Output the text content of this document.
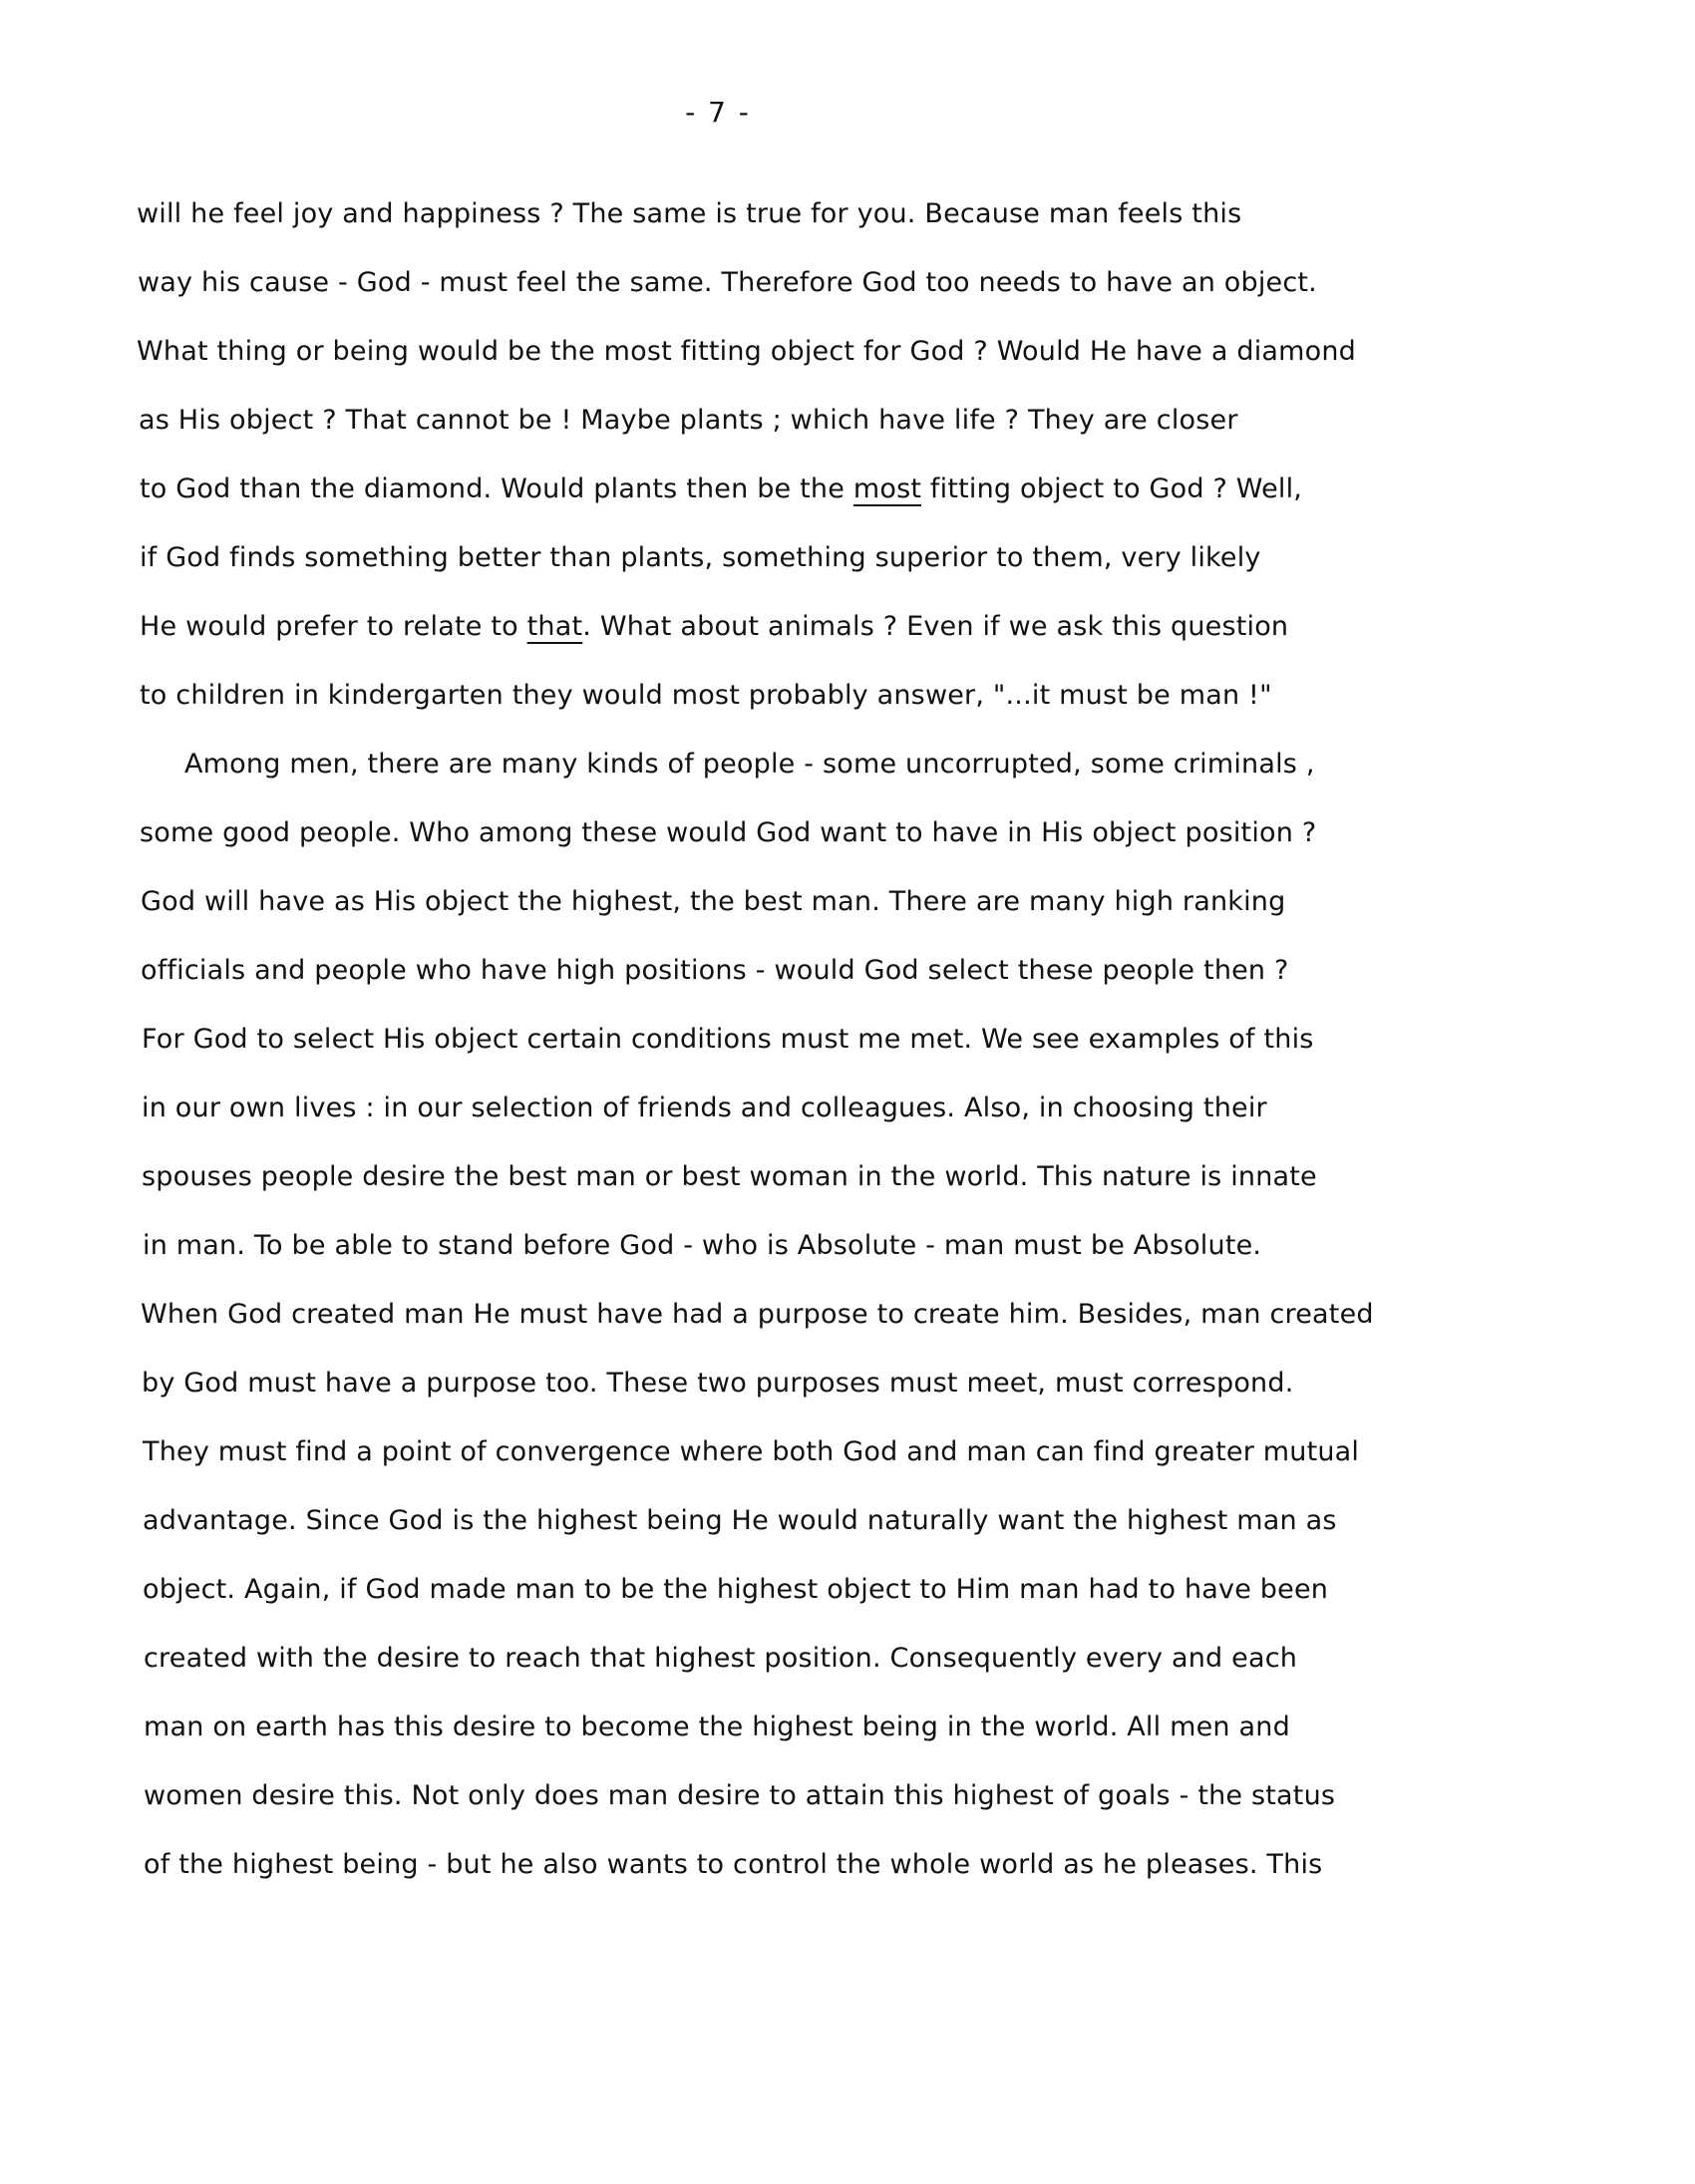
- 7 -
will he feel joy and happiness ? The same is true for you. Because man feels this
way his cause - God - must feel the same. Therefore God too needs to have an object.
What thing or being would be the most fitting object for God ? Would He have a diamond
as His object ? That cannot be ! Maybe plants ; which have life ? They are closer
to God than the diamond. Would plants then be the most fitting object to God ? Well,
if God finds something better than plants, something superior to them, very likely
He would prefer to relate to that. What about animals ? Even if we ask this question
to children in kindergarten they would most probably answer, "...it must be man !"
Among men, there are many kinds of people - some uncorrupted, some criminals ,
some good people. Who among these would God want to have in His object position ?
God will have as His object the highest, the best man. There are many high ranking
officials and people who have high positions - would God select these people then ?
For God to select His object certain conditions must me met. We see examples of this
in our own lives : in our selection of friends and colleagues. Also, in choosing their
spouses people desire the best man or best woman in the world. This nature is innate
in man. To be able to stand before God - who is Absolute - man must be Absolute.
When God created man He must have had a purpose to create him. Besides, man created
by God must have a purpose too. These two purposes must meet, must correspond.
They must find a point of convergence where both God and man can find greater mutual
advantage. Since God is the highest being He would naturally want the highest man as
object. Again, if God made man to be the highest object to Him man had to have been
created with the desire to reach that highest position. Consequently every and each
man on earth has this desire to become the highest being in the world. All men and
women desire this. Not only does man desire to attain this highest of goals - the status
of the highest being - but he also wants to control the whole world as he pleases. This
